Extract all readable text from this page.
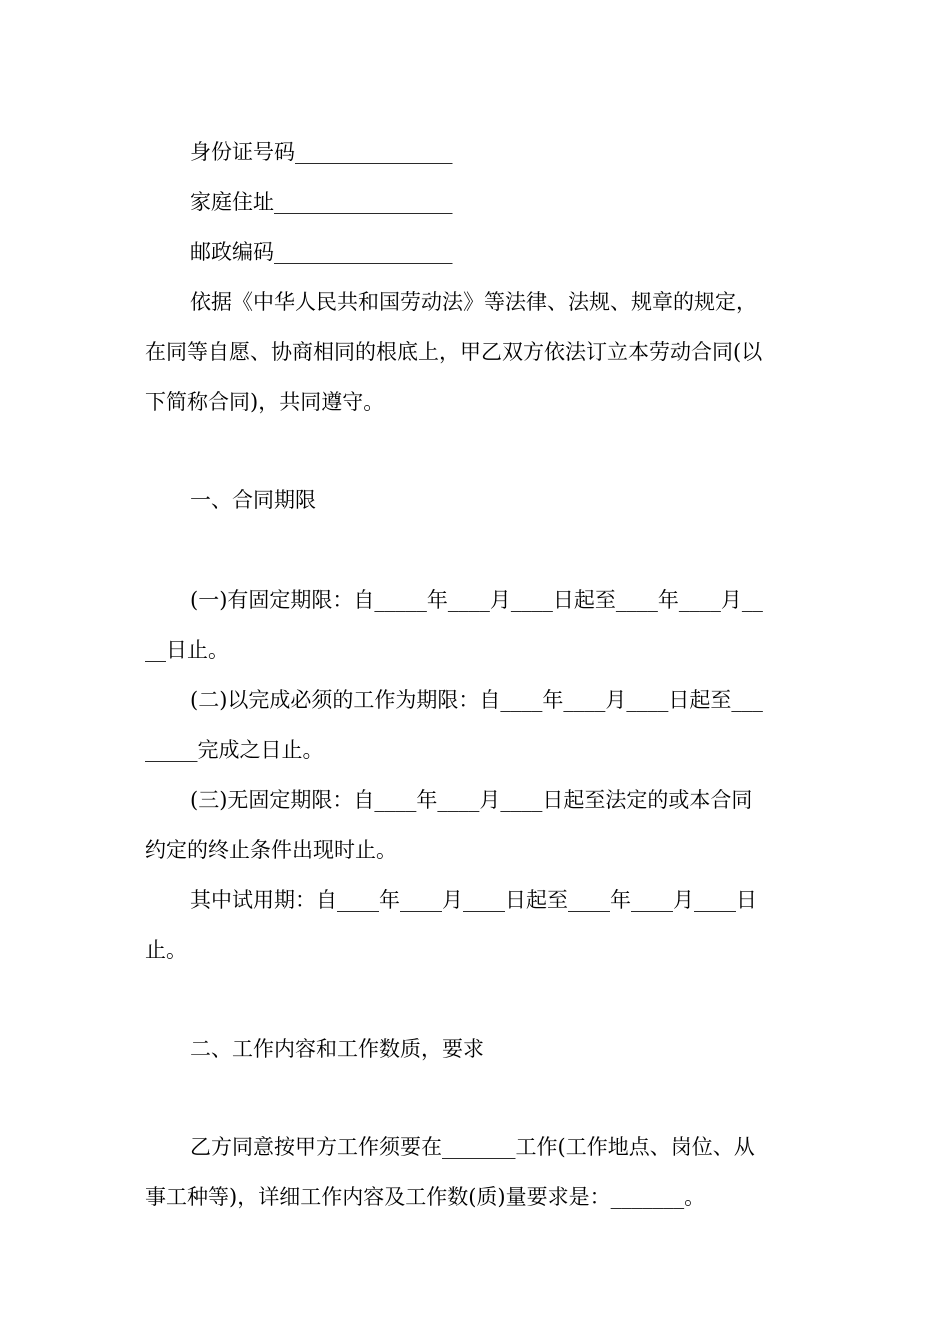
身份证号码_______________
家庭住址_________________
邮政编码_________________
依据《中华人民共和国劳动法》等法律、法规、规章的规定，
在同等自愿、协商相同的根底上，甲乙双方依法订立本劳动合同(以
下简称合同)，共同遵守。
一、合同期限
(一)有固定期限：自_____年____月____日起至____年____月__
__日止。
(二)以完成必须的工作为期限：自____年____月____日起至___
_____完成之日止。
(三)无固定期限：自____年____月____日起至法定的或本合同
约定的终止条件出现时止。
其中试用期：自____年____月____日起至____年____月____日
止。
二、工作内容和工作数质，要求
乙方同意按甲方工作须要在_______工作(工作地点、岗位、从
事工种等)，详细工作内容及工作数(质)量要求是：_______。
